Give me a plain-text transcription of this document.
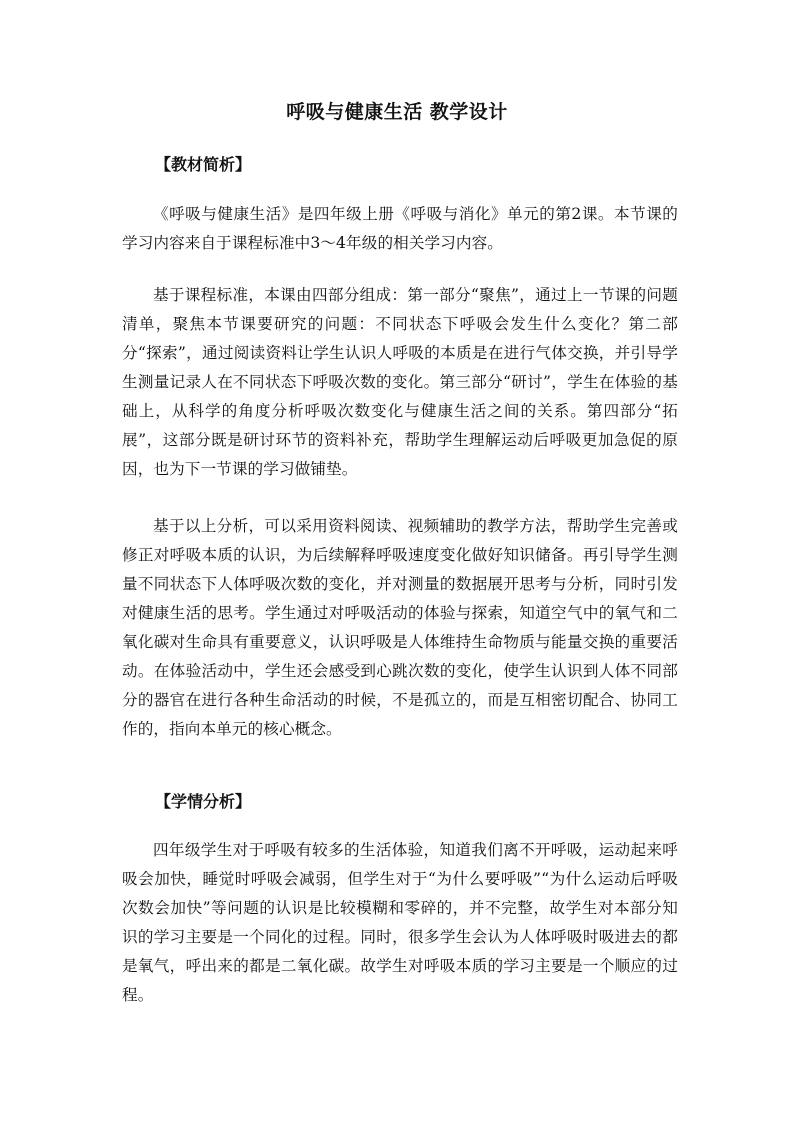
呼吸与健康生活 教学设计
【教材简析】

《呼吸与健康生活》是四年级上册《呼吸与消化》单元的第2课。本节课的学习内容来自于课程标准中3～4年级的相关学习内容。

基于课程标准，本课由四部分组成：第一部分“聚焦”，通过上一节课的问题清单，聚焦本节课要研究的问题：不同状态下呼吸会发生什么变化？第二部分“探索”，通过阅读资料让学生认识人呼吸的本质是在进行气体交换，并引导学生测量记录人在不同状态下呼吸次数的变化。第三部分“研讨”，学生在体验的基础上，从科学的角度分析呼吸次数变化与健康生活之间的关系。第四部分“拓展”，这部分既是研讨环节的资料补充，帮助学生理解运动后呼吸更加急促的原因，也为下一节课的学习做铺垫。

基于以上分析，可以采用资料阅读、视频辅助的教学方法，帮助学生完善或修正对呼吸本质的认识，为后续解释呼吸速度变化做好知识储备。再引导学生测量不同状态下人体呼吸次数的变化，并对测量的数据展开思考与分析，同时引发对健康生活的思考。学生通过对呼吸活动的体验与探索，知道空气中的氧气和二氧化碳对生命具有重要意义，认识呼吸是人体维持生命物质与能量交换的重要活动。在体验活动中，学生还会感受到心跳次数的变化，使学生认识到人体不同部分的器官在进行各种生命活动的时候，不是孤立的，而是互相密切配合、协同工作的，指向本单元的核心概念。

【学情分析】

四年级学生对于呼吸有较多的生活体验，知道我们离不开呼吸，运动起来呼吸会加快，睡觉时呼吸会减弱，但学生对于“为什么要呼吸”“为什么运动后呼吸次数会加快”等问题的认识是比较模糊和零碎的，并不完整，故学生对本部分知识的学习主要是一个同化的过程。同时，很多学生会认为人体呼吸时吸进去的都是氧气，呼出来的都是二氧化碳。故学生对呼吸本质的学习主要是一个顺应的过程。
